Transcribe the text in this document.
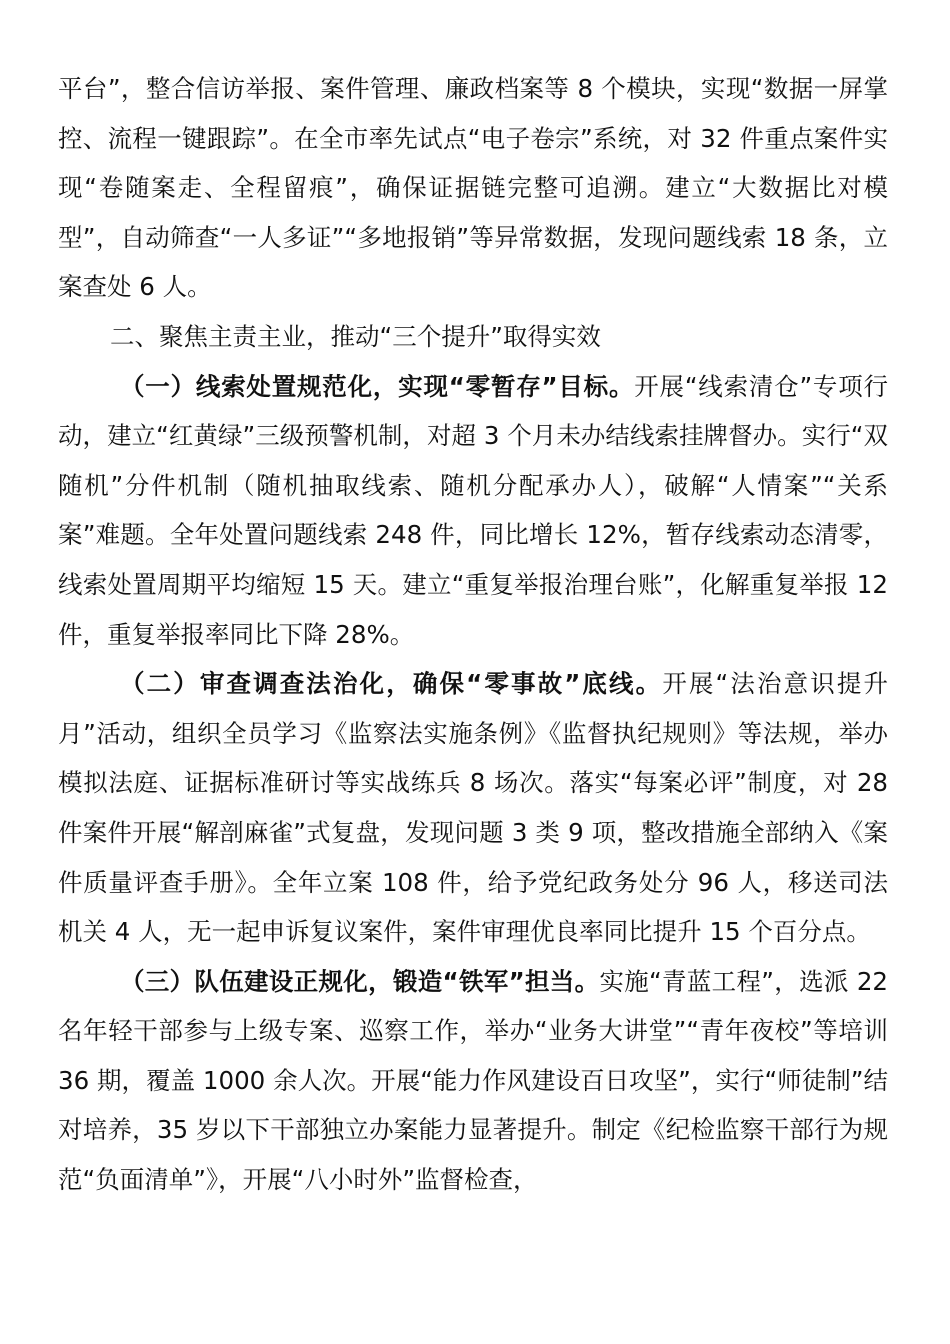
平台”，整合信访举报、案件管理、廉政档案等 8 个模块，实现“数据一屏掌控、流程一键跟踪”。在全市率先试点“电子卷宗”系统，对 32 件重点案件实现“卷随案走、全程留痕”，确保证据链完整可追溯。建立“大数据比对模型”，自动筛查“一人多证”“多地报销”等异常数据，发现问题线索 18 条，立案查处 6 人。

二、聚焦主责主业，推动“三个提升”取得实效

（一）线索处置规范化，实现“零暂存”目标。开展“线索清仓”专项行动，建立“红黄绿”三级预警机制，对超 3 个月未办结线索挂牌督办。实行“双随机”分件机制（随机抽取线索、随机分配承办人），破解“人情案”“关系案”难题。全年处置问题线索 248 件，同比增长 12%，暂存线索动态清零，线索处置周期平均缩短 15 天。建立“重复举报治理台账”，化解重复举报 12 件，重复举报率同比下降 28%。

（二）审查调查法治化，确保“零事故”底线。开展“法治意识提升月”活动，组织全员学习《监察法实施条例》《监督执纪规则》等法规，举办模拟法庭、证据标准研讨等实战练兵 8 场次。落实“每案必评”制度，对 28 件案件开展“解剖麻雀”式复盘，发现问题 3 类 9 项，整改措施全部纳入《案件质量评查手册》。全年立案 108 件，给予党纪政务处分 96 人，移送司法机关 4 人，无一起申诉复议案件，案件审理优良率同比提升 15 个百分点。

（三）队伍建设正规化，锻造“铁军”担当。实施“青蓝工程”，选派 22 名年轻干部参与上级专案、巡察工作，举办“业务大讲堂”“青年夜校”等培训 36 期，覆盖 1000 余人次。开展“能力作风建设百日攻坚”，实行“师徒制”结对培养，35 岁以下干部独立办案能力显著提升。制定《纪检监察干部行为规范“负面清单”》，开展“八小时外”监督检查，
